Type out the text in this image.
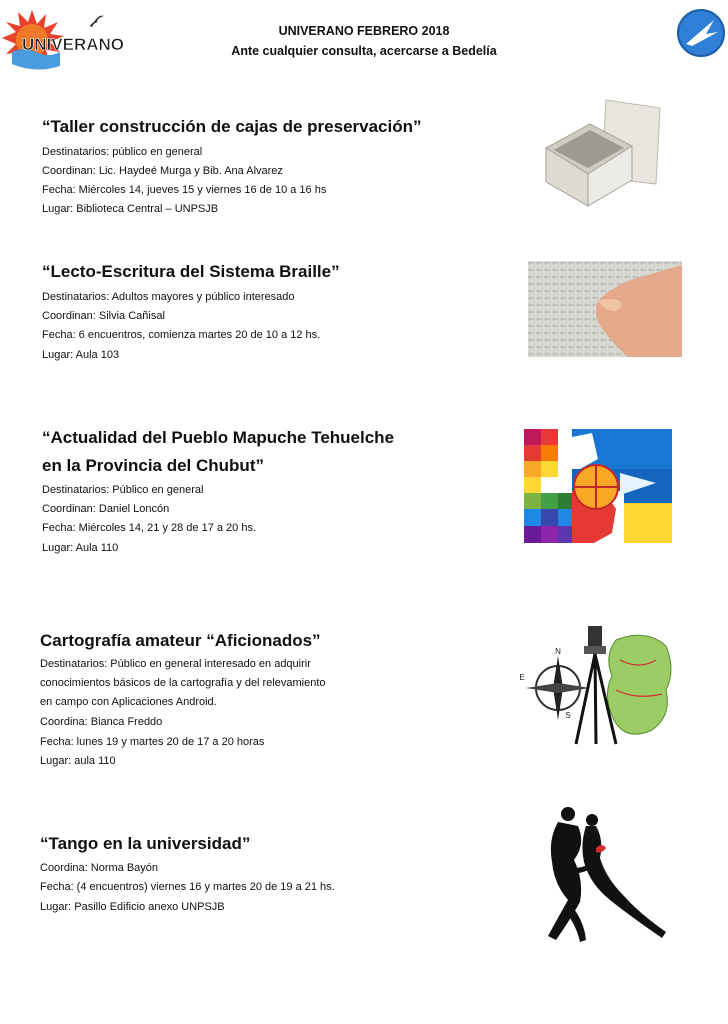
UNIVERANO
UNIVERANO FEBRERO 2018
Ante cualquier consulta, acercarse a Bedelía
“Taller construcción de cajas de preservación”
Destinatarios: público en general
Coordinan: Lic. Haydeé Murga y Bib. Ana Alvarez
Fecha: Miércoles 14, jueves 15 y viernes 16 de 10 a 16 hs
Lugar: Biblioteca Central – UNPSJB
“Lecto-Escritura del Sistema Braille”
Destinatarios: Adultos mayores y público interesado
Coordinan: Silvia Cañisal
Fecha: 6 encuentros, comienza martes 20 de 10 a 12 hs.
Lugar: Aula 103
“Actualidad del Pueblo Mapuche Tehuelche
en la Provincia del Chubut”
Destinatarios: Público en general
Coordinan: Daniel Loncón
Fecha: Miércoles 14, 21 y 28 de 17 a 20 hs.
Lugar: Aula 110
Cartografía amateur “Aficionados”
Destinatarios: Público en general interesado en adquirir
conocimientos básicos de la cartografía y del relevamiento
en campo con Aplicaciones Android.
Coordina: Bianca Freddo
Fecha: lunes 19 y martes 20 de 17 a 20 horas
Lugar: aula 110
N
E
S
“Tango en la universidad”
Coordina: Norma Bayón
Fecha: (4 encuentros) viernes 16 y martes 20 de 19 a 21 hs.
Lugar: Pasillo Edificio anexo UNPSJB
